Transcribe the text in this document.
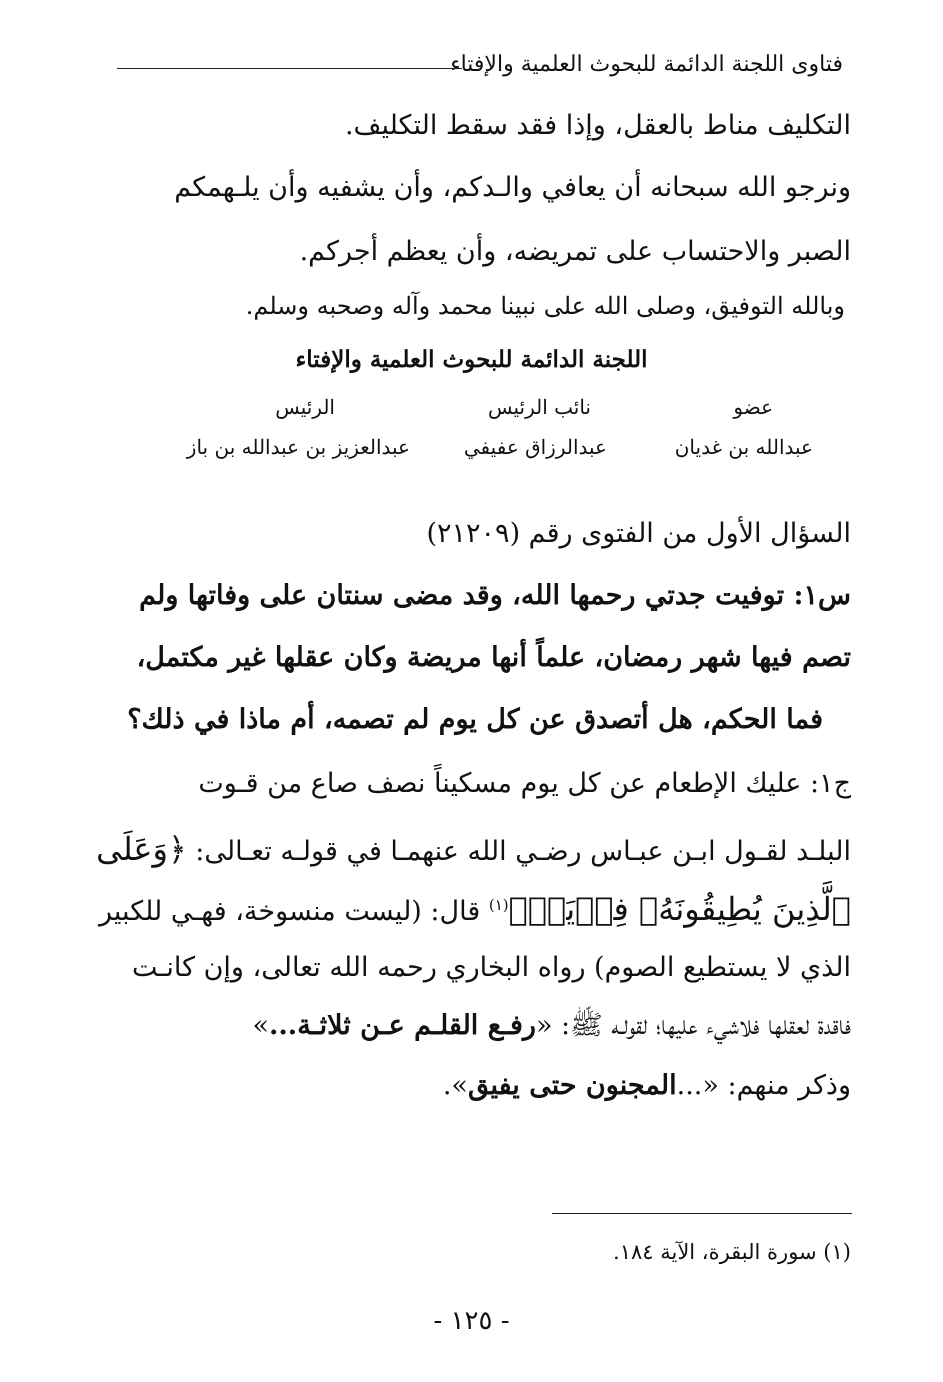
فتاوى اللجنة الدائمة للبحوث العلمية والإفتاء
التكليف مناط بالعقل، وإذا فقد سقط التكليف.
ونرجو الله سبحانه أن يعافي والـدكم، وأن يشفيه وأن يلـهمكم
الصبر والاحتساب على تمريضه، وأن يعظم أجركم.
وبالله التوفيق، وصلى الله على نبينا محمد وآله وصحبه وسلم.
اللجنة الدائمة للبحوث العلمية والإفتاء
عضو
نائب الرئيس
الرئيس
عبدالله بن غديان
عبدالرزاق عفيفي
عبدالعزيز بن عبدالله بن باز
السؤال الأول من الفتوى رقم (٢١٢٠٩)
س١: توفيت جدتي رحمها الله، وقد مضى سنتان على وفاتها ولم
تصم فيها شهر رمضان، علماً أنها مريضة وكان عقلها غير مكتمل،
فما الحكم، هل أتصدق عن كل يوم لم تصمه، أم ماذا في ذلك؟
ج١: عليك الإطعام عن كل يوم مسكيناً نصف صاع من قـوت
البلـد لقـول ابـن عبـاس رضـي الله عنهمـا في قولـه تعـالى: ﴿وَعَلَى
ٱلَّذِينَ يُطِيقُونَهُۥ فِدۡيَةٞ﴾$^{(١)}$ قال: (ليست منسوخة، فهـي للكبير
الذي لا يستطيع الصوم) رواه البخاري رحمه الله تعالى، وإن كانـت
فاقدة لعقلها فلاشيء عليها؛ لقولـه ﷺ: «رفـع القلـم عـن ثلاثـة...»
وذكر منهم: «...المجنون حتى يفيق».
(١) سورة البقرة، الآية ١٨٤.
- ١٢٥ -
